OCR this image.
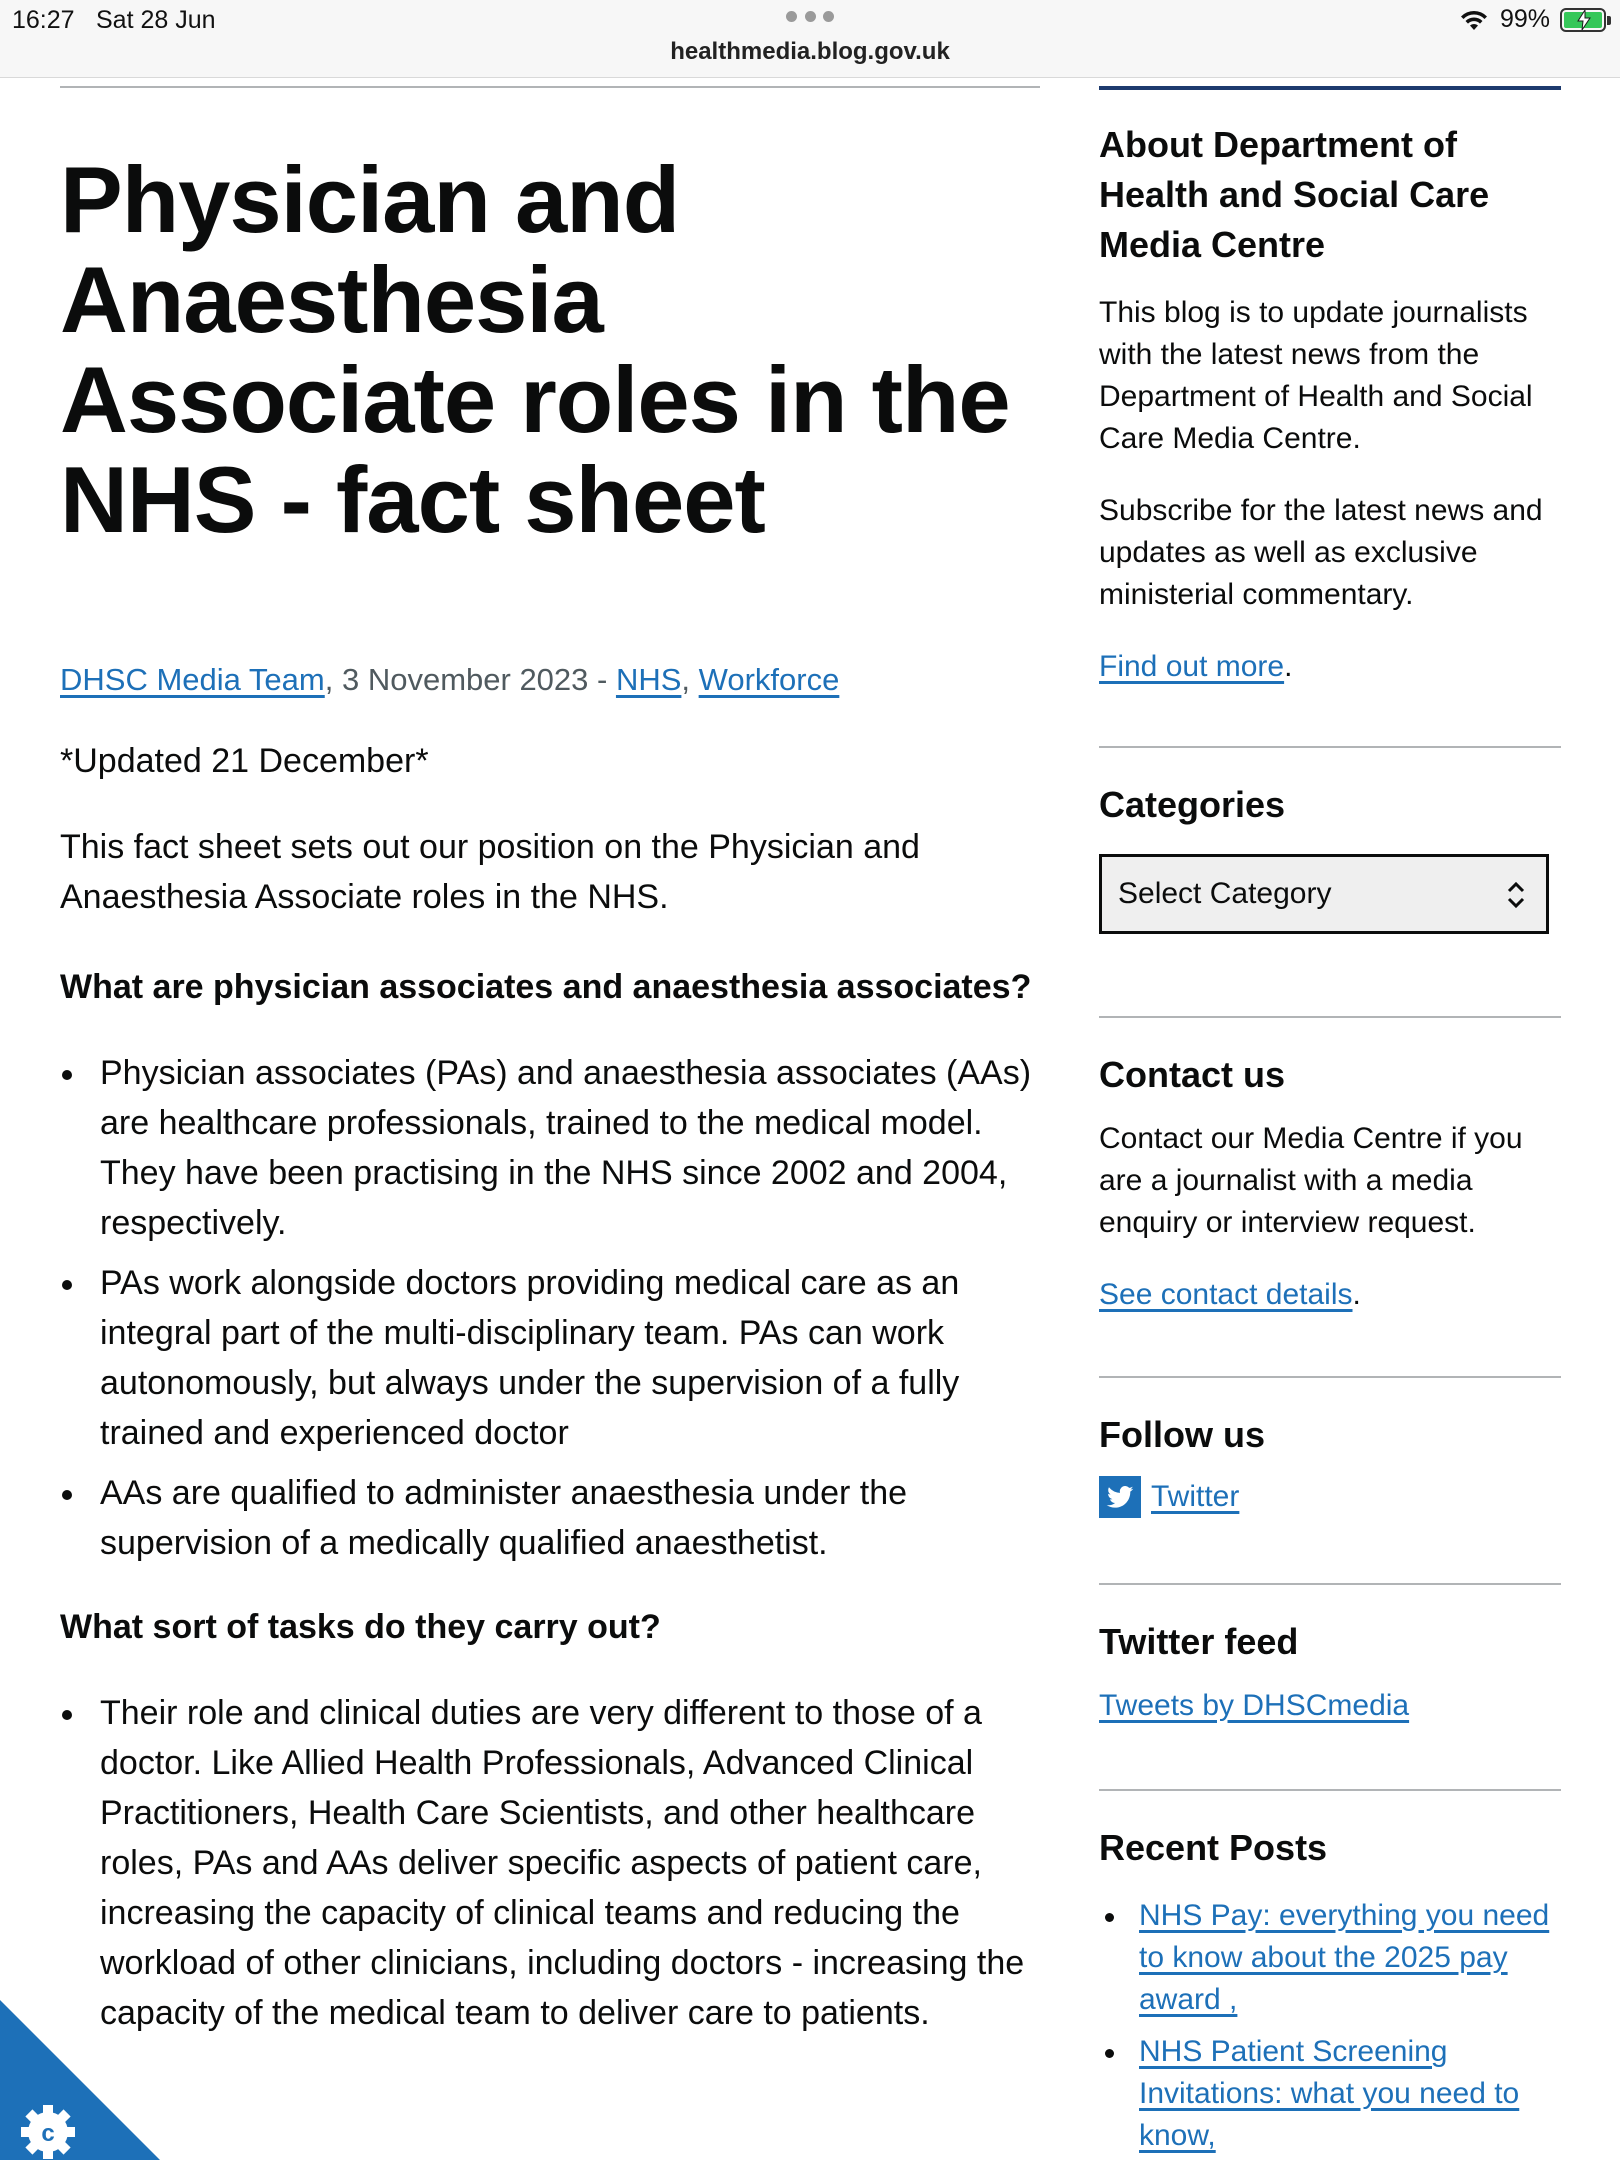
16:27 Sat 28 Jun
healthmedia.blog.gov.uk
99%
Physician and Anaesthesia Associate roles in the NHS - fact sheet
DHSC Media Team, 3 November 2023 - NHS, Workforce
*Updated 21 December*

This fact sheet sets out our position on the Physician and Anaesthesia Associate roles in the NHS.

What are physician associates and anaesthesia associates?
Physician associates (PAs) and anaesthesia associates (AAs) are healthcare professionals, trained to the medical model. They have been practising in the NHS since 2002 and 2004, respectively.
PAs work alongside doctors providing medical care as an integral part of the multi-disciplinary team. PAs can work autonomously, but always under the supervision of a fully trained and experienced doctor
AAs are qualified to administer anaesthesia under the supervision of a medically qualified anaesthetist.
What sort of tasks do they carry out?
Their role and clinical duties are very different to those of a doctor. Like Allied Health Professionals, Advanced Clinical Practitioners, Health Care Scientists, and other healthcare roles, PAs and AAs deliver specific aspects of patient care, increasing the capacity of clinical teams and reducing the workload of other clinicians, including doctors - increasing the capacity of the medical team to deliver care to patients.
About Department of Health and Social Care Media Centre

This blog is to update journalists with the latest news from the Department of Health and Social Care Media Centre.

Subscribe for the latest news and updates as well as exclusive ministerial commentary.

Find out more.

Categories
Select Category
Contact us

Contact our Media Centre if you are a journalist with a media enquiry or interview request.

See contact details.

Follow us
Twitter
Twitter feed

Tweets by DHSCmedia

Recent Posts
NHS Pay: everything you need to know about the 2025 pay award ,
NHS Patient Screening Invitations: what you need to know,
c
